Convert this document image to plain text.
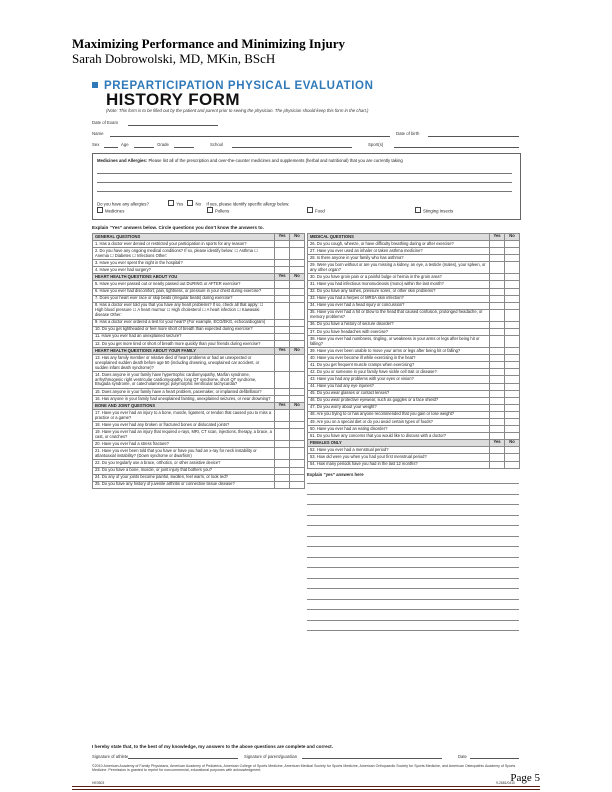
Maximizing Performance and Minimizing Injury
Sarah Dobrowolski, MD, MKin, BScH
PREPARTICIPATION PHYSICAL EVALUATION
HISTORY FORM
(Note: This form is to be filled out by the patient and parent prior to seeing the physician. The physician should keep this form in the chart.)
Date of Exam
Name	Date of birth
Sex	Age	Grade	School	Sport(s)
Medicines and Allergies: Please list all of the prescription and over-the-counter medicines and supplements (herbal and nutritional) that you are currently taking
Do you have any allergies?	Yes	No If yes, please identify specific allergy below.
Medicines	Pollens	Food	Stinging Insects
Explain “Yes” answers below. Circle questions you don’t know the answers to.
GENERAL QUESTIONS	Yes	No
1. Has a doctor ever denied or restricted your participation in sports for any reason?		
2. Do you have any ongoing medical conditions? If so, please identify below: ☐ Asthma ☐ Anemia ☐ Diabetes ☐ Infections Other:		
3. Have you ever spent the night in the hospital?		
4. Have you ever had surgery?		
HEART HEALTH QUESTIONS ABOUT YOU	Yes	No
5. Have you ever passed out or nearly passed out DURING or AFTER exercise?		
6. Have you ever had discomfort, pain, tightness, or pressure in your chest during exercise?		
7. Does your heart ever race or skip beats (irregular beats) during exercise?		
8. Has a doctor ever told you that you have any heart problems? If so, check all that apply: ☐ High blood pressure ☐ A heart murmur ☐ High cholesterol ☐ A heart infection ☐ Kawasaki disease Other:		
9. Has a doctor ever ordered a test for your heart? (For example, ECG/EKG, echocardiogram)		
10. Do you get lightheaded or feel more short of breath than expected during exercise?		
11. Have you ever had an unexplained seizure?		
12. Do you get more tired or short of breath more quickly than your friends during exercise?		
HEART HEALTH QUESTIONS ABOUT YOUR FAMILY	Yes	No
13. Has any family member or relative died of heart problems or had an unexpected or unexplained sudden death before age 50 (including drowning, unexplained car accident, or sudden infant death syndrome)?		
14. Does anyone in your family have hypertrophic cardiomyopathy, Marfan syndrome, arrhythmogenic right ventricular cardiomyopathy, long QT syndrome, short QT syndrome, Brugada syndrome, or catecholaminergic polymorphic ventricular tachycardia?		
15. Does anyone in your family have a heart problem, pacemaker, or implanted defibrillator?		
16. Has anyone in your family had unexplained fainting, unexplained seizures, or near drowning?		
BONE AND JOINT QUESTIONS	Yes	No
17. Have you ever had an injury to a bone, muscle, ligament, or tendon that caused you to miss a practice or a game?		
18. Have you ever had any broken or fractured bones or dislocated joints?		
19. Have you ever had an injury that required x-rays, MRI, CT scan, injections, therapy, a brace, a cast, or crutches?		
20. Have you ever had a stress fracture?		
21. Have you ever been told that you have or have you had an x-ray for neck instability or atlantoaxial instability? (Down syndrome or dwarfism)		
22. Do you regularly use a brace, orthotics, or other assistive device?		
23. Do you have a bone, muscle, or joint injury that bothers you?		
24. Do any of your joints become painful, swollen, feel warm, or look red?		
25. Do you have any history of juvenile arthritis or connective tissue disease?		
MEDICAL QUESTIONS	Yes	No
26. Do you cough, wheeze, or have difficulty breathing during or after exercise?		
27. Have you ever used an inhaler or taken asthma medicine?		
28. Is there anyone in your family who has asthma?		
29. Were you born without or are you missing a kidney, an eye, a testicle (males), your spleen, or any other organ?		
30. Do you have groin pain or a painful bulge or hernia in the groin area?		
31. Have you had infectious mononucleosis (mono) within the last month?		
32. Do you have any rashes, pressure sores, or other skin problems?		
33. Have you had a herpes or MRSA skin infection?		
34. Have you ever had a head injury or concussion?		
35. Have you ever had a hit or blow to the head that caused confusion, prolonged headache, or memory problems?		
36. Do you have a history of seizure disorder?		
37. Do you have headaches with exercise?		
38. Have you ever had numbness, tingling, or weakness in your arms or legs after being hit or falling?		
39. Have you ever been unable to move your arms or legs after being hit or falling?		
40. Have you ever become ill while exercising in the heat?		
41. Do you get frequent muscle cramps when exercising?		
42. Do you or someone in your family have sickle cell trait or disease?		
43. Have you had any problems with your eyes or vision?		
44. Have you had any eye injuries?		
45. Do you wear glasses or contact lenses?		
46. Do you wear protective eyewear, such as goggles or a face shield?		
47. Do you worry about your weight?		
48. Are you trying to or has anyone recommended that you gain or lose weight?		
49. Are you on a special diet or do you avoid certain types of foods?		
50. Have you ever had an eating disorder?		
51. Do you have any concerns that you would like to discuss with a doctor?		
FEMALES ONLY	Yes	No
52. Have you ever had a menstrual period?		
53. How old were you when you had your first menstrual period?		
54. How many periods have you had in the last 12 months?		
Explain “yes” answers here
I hereby state that, to the best of my knowledge, my answers to the above questions are complete and correct.
Signature of athlete	Signature of parent/guardian	Date
©2010 American Academy of Family Physicians, American Academy of Pediatrics, American College of Sports Medicine, American Medical Society for Sports Medicine, American Orthopaedic Society for Sports Medicine, and American Osteopathic Academy of Sports Medicine. Permission is granted to reprint for noncommercial, educational purposes with acknowledgment.
HE0503	9-2681/0410
Page 5
